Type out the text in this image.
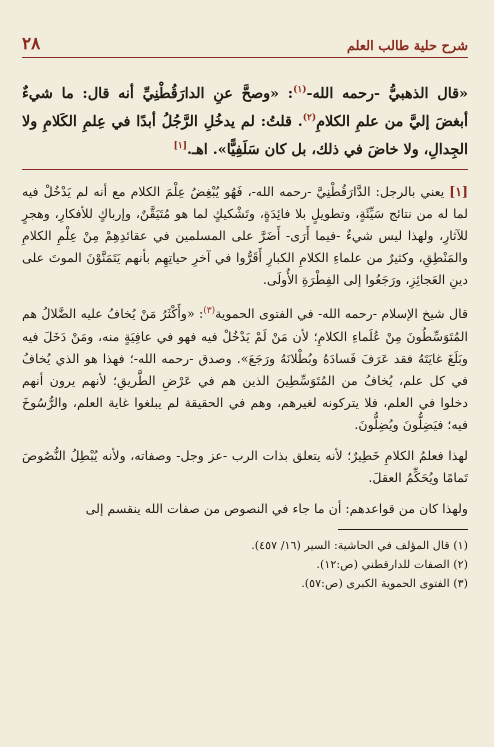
٢٨	شرح حلية طالب العلم
«قال الذهبيُّ -رحمه الله-$^{(١)}$: «وصحَّ عنِ الدارَقُطْنِيِّ أنه قال: ما شيءٌ أبغضَ إليَّ من علمِ الكلامِ$^{(٢)}$. قلتُ: لم يدخُلِ الرَّجُلُ أبدًا في عِلمِ الكَلامِ ولا الجِدالِ، ولا خاضَ في ذلك، بل كان سَلَفِيًّا». اهـ.[١]

[١] يعني بالرجل: الدَّارَقُطْنِيَّ -رحمه الله-، فَهُو يُبْغِضُ عِلْمَ الكلام مع أنه لم يَدْخُلْ فيه لما له من نتائج سَيِّئَةٍ، وتطويلٍ بلا فائِدَةٍ، وتَشْكيكٍ لما هو مُتَيَقَّنٌ، وإرباكٍ للأفكارِ، وهجرٍ للآثارِ، ولهذا ليس شيءٌ -فيما أَرَى- أَضَرَّ على المسلمين في عقائدِهِمْ مِنْ عِلْمِ الكلامِ والمَنْطِقِ، وكثيرٌ من علماءِ الكلامِ الكبارِ أَقَرُّوا في آخرِ حياتِهِم بأنهم يَتَمَنَّوْنَ الموتَ على دينِ العَجائِزِ، ورَجَعُوا إلى الفِطْرَةِ الأُولَى.

قال شيخ الإسلام -رحمه الله- في الفتوى الحموية$^{(٣)}$: «وأَكْثَرُ مَنْ يُخافُ عليه الضَّلالُ هم المُتَوَسِّطُونَ مِنْ عُلَماءِ الكلامِ؛ لأن مَنْ لَمْ يَدْخُلْ فيه فهو في عافِيَةٍ منه، ومَنْ دَخَلَ فيه وبَلَغَ غايَتَهُ فقد عَرَفَ فَسادَهُ وبُطْلانَهُ ورَجَعَ». وصدق -رحمه الله-؛ فهذا هو الذي يُخافُ في كل علم، يُخافُ من المُتَوَسِّطِينَ الذين هم في عَرْضِ الطَّريقِ؛ لأنهم يرون أنهم دخلوا في العلم، فلا يتركونه لغيرهم، وهم في الحقيقة لم يبلغوا غاية العلم، والرُّسُوخَ فيه؛ فيَضِلُّونَ ويُضِلُّونَ.

لهذا فعلمُ الكلامِ خَطِيرٌ؛ لأنه يتعلق بذات الرب -عز وجل- وصفاته، ولأنه يُبْطِلُ النُّصُوصَ تَمامًا ويُحَكِّمُ العقلَ.

ولهذا كان من قواعدهم: أن ما جاء في النصوص من صفات الله ينقسم إلى

(١) قال المؤلف في الحاشية: السير (١٦/ ٤٥٧).
(٢) الصفات للدارقطني (ص:١٢).
(٣) الفتوى الحموية الكبرى (ص:٥٧).
